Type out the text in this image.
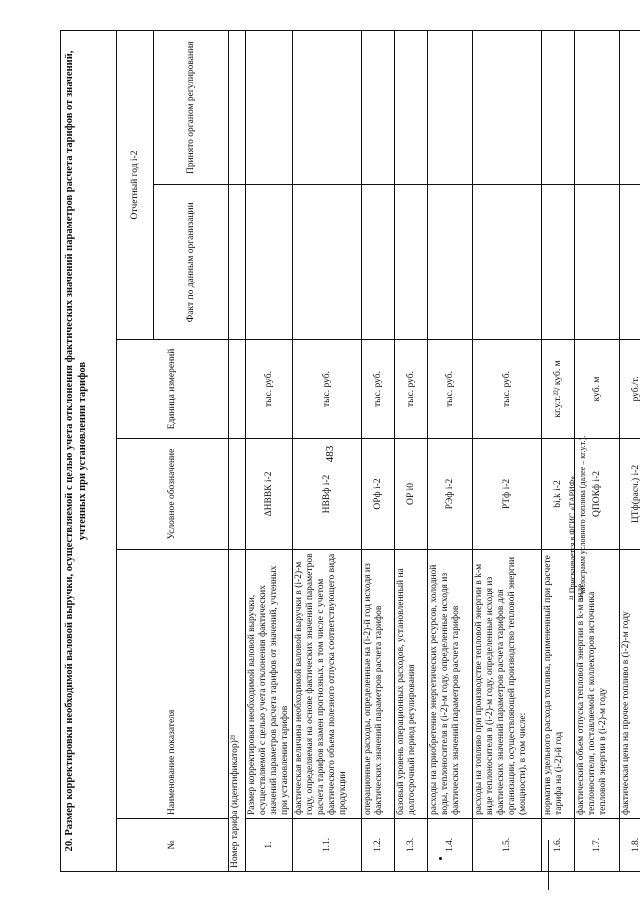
483
20. Размер корректировки необходимой валовой выручки, осуществляемой с целью учета отклонения фактических значений параметров расчета тарифов от значений, учтенных при установлении тарифов
№	Наименование показателя	Условное обозначение	Единица измерений	Отчетный год i-2	
				Факт по данным организации	Принято органом регулирования
Номер тарифа (идентификатор)²¹					
1.	Размер корректировки необходимой валовой выручки, осуществляемой с целью учета отклонения фактических значений параметров расчета тарифов от значений, учтенных при установлении тарифов	ΔНВВК i-2	тыс. руб.		
1.1.	фактическая величина необходимой валовой выручки в (i-2)-м году, определяемая на основе фактических значений параметров расчета тарифов взамен прогнозных, в том числе с учетом фактического объема полезного отпуска соответствующего вида продукции	НВВф i-2	тыс. руб.		
1.2.	операционные расходы, определенные на (i-2)-й год исходя из фактических значений параметров расчета тарифов	ОРф i-2	тыс. руб.		
1.3.	базовый уровень операционных расходов, установленный на долгосрочный период регулирования	ОР i0	тыс. руб.		
1.4.	расходы на приобретение энергетических ресурсов, холодной воды, теплоносителя в (i-2)-м году, определенные исходя из фактических значений параметров расчета тарифов	РЭф i-2	тыс. руб.		
1.5.	расходы на топливо при производстве тепловой энергии в k-м виде теплоносителя в (i-2)-м году, определенные исходя из фактических значений параметров расчета тарифов для организации, осуществляющей производство тепловой энергии (мощности), в том числе:	РТф i-2	тыс. руб.		
1.6.	норматив удельного расхода топлива, примененный при расчете тарифа на (i-2)-й год	bi,k i-2	кг.у.т.²²/ куб. м		
1.7.	фактический объем отпуска тепловой энергии в k-м виде теплоносителя, поставляемой с коллекторов источника тепловой энергии в (i-2)-м году	QПОКф i-2	куб. м		
1.8.	фактическая цена на прочее топливо в (i-2)-м году	ЦТф(расч.) i-2	руб./т.		
²¹ Присваивается в ФГИС «ТАРИФ». ²² килограмм условного топлива (далее – кг.у.т.).
